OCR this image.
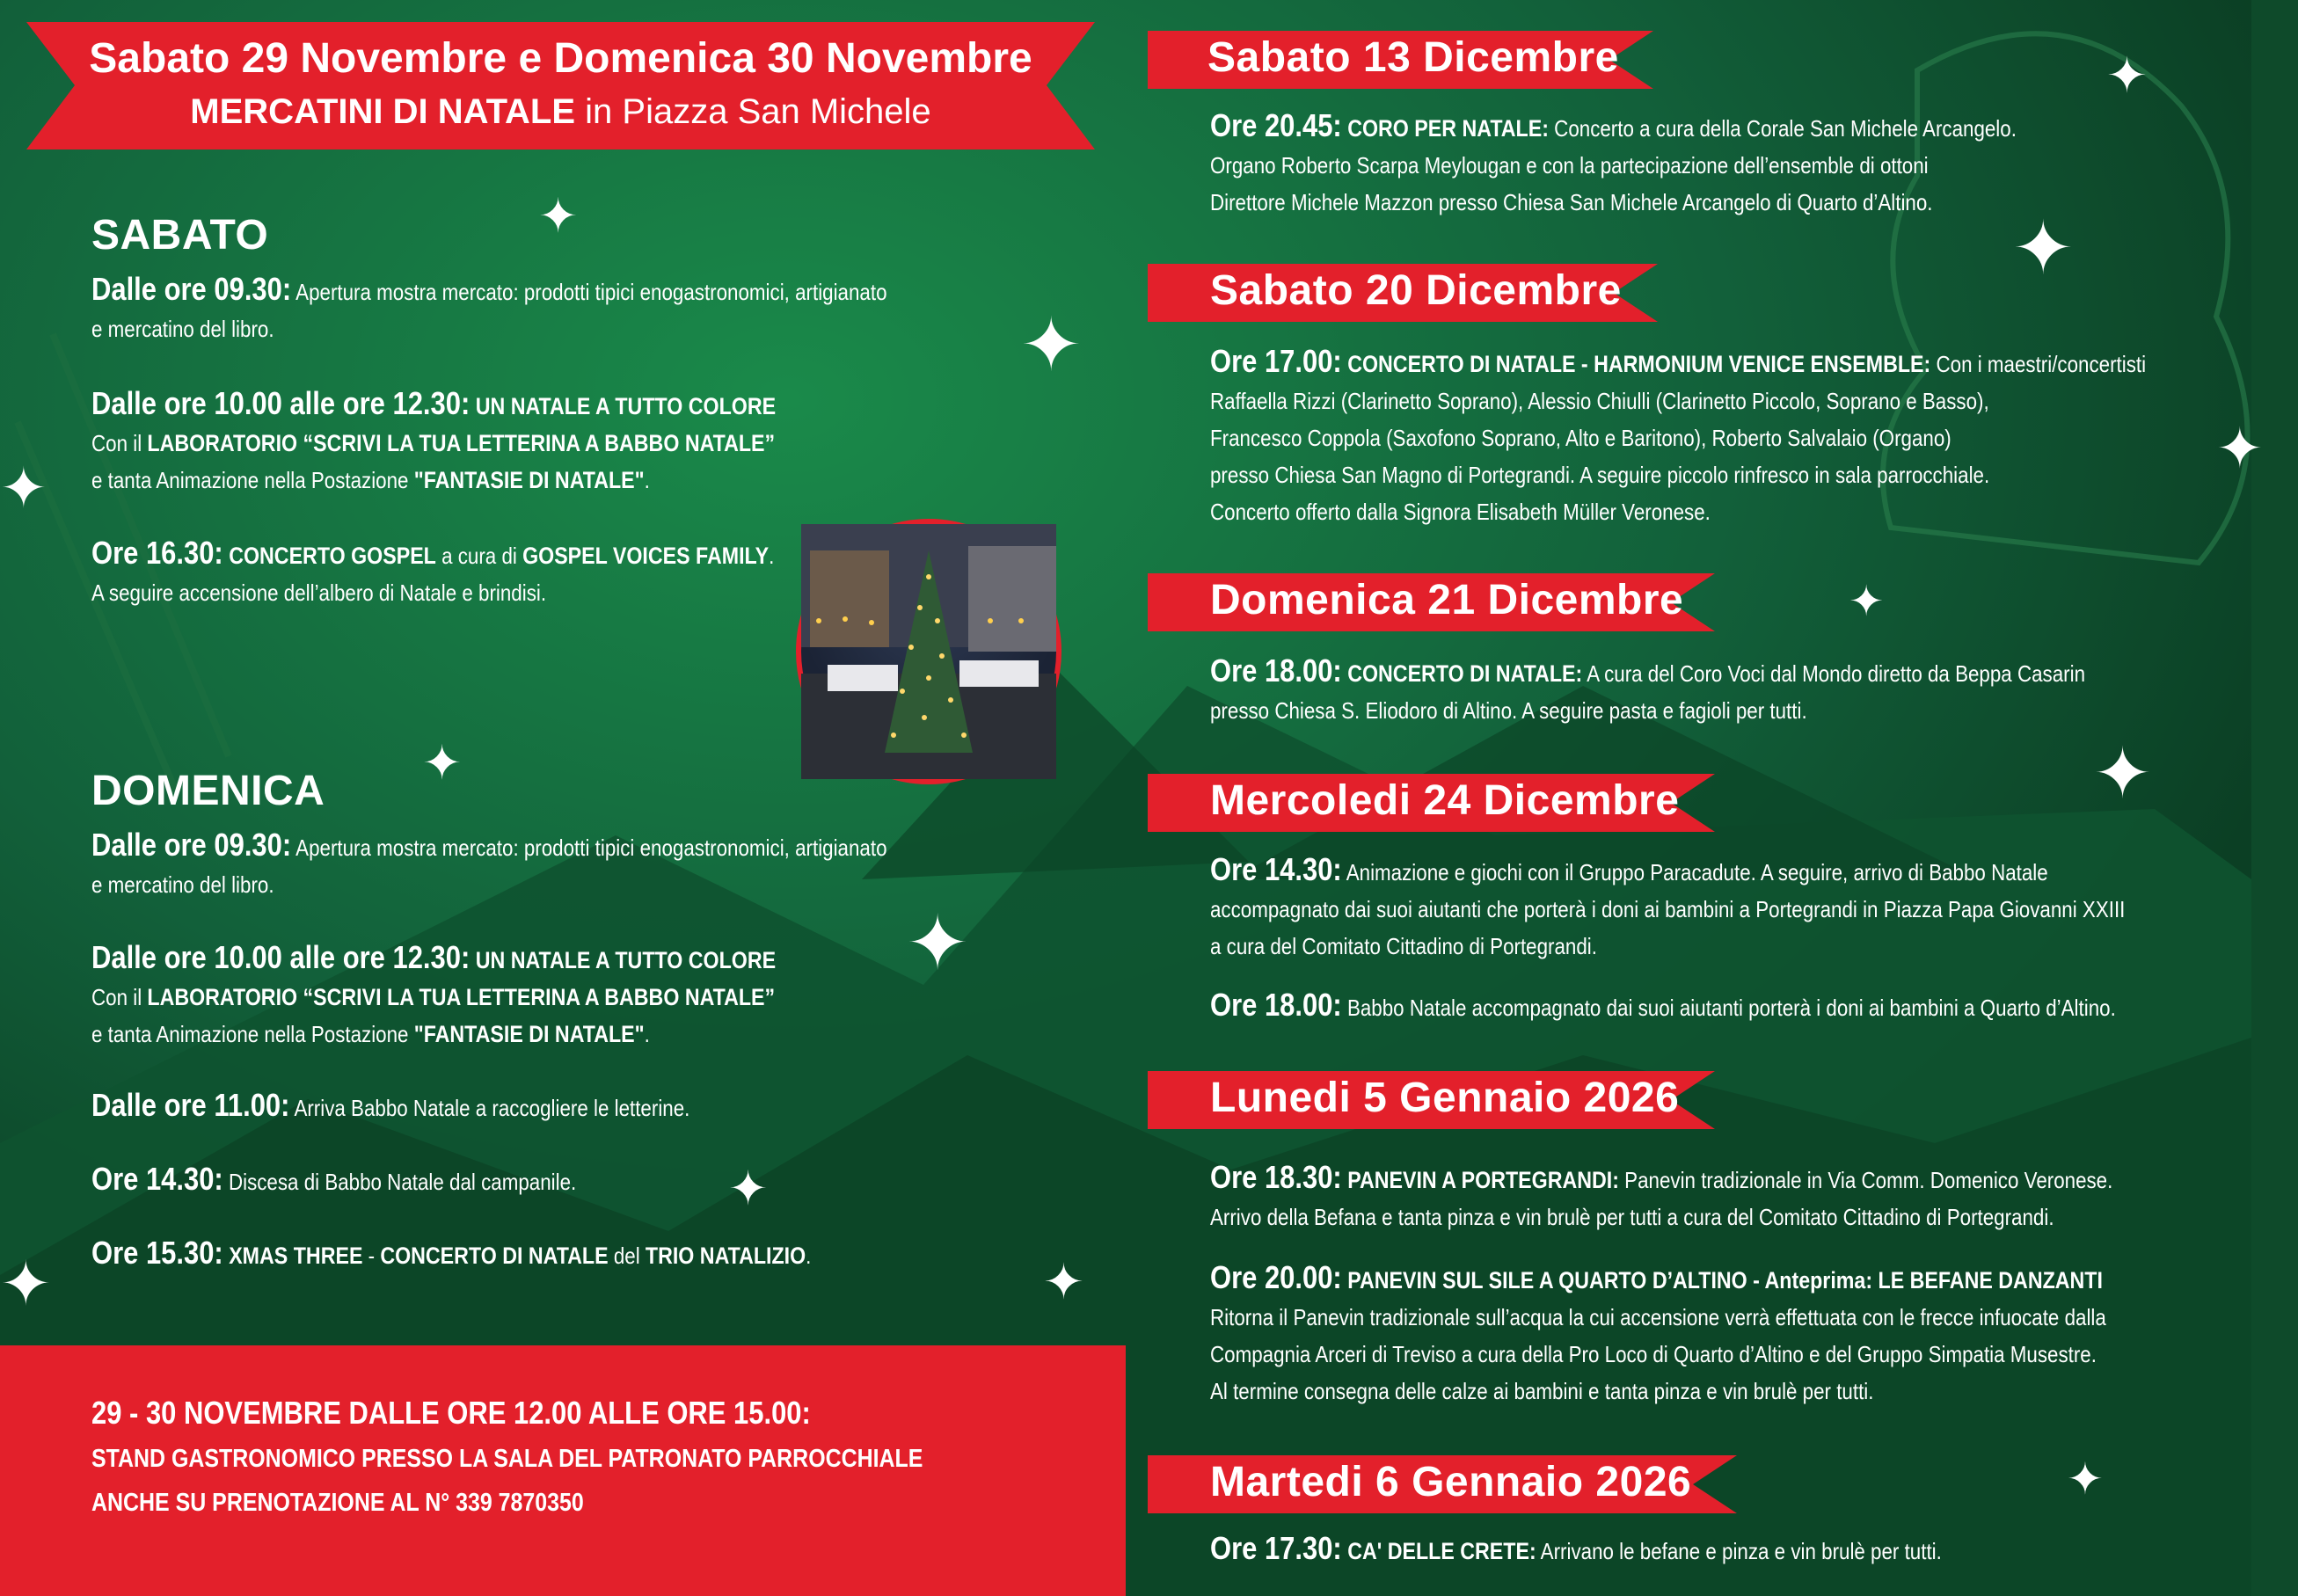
Sabato 29 Novembre e Domenica 30 Novembre
MERCATINI DI NATALE in Piazza San Michele
SABATO
Dalle ore 09.30: Apertura mostra mercato: prodotti tipici enogastronomici, artigianato
e mercatino del libro.
Dalle ore 10.00 alle ore 12.30: UN NATALE A TUTTO COLORE
Con il LABORATORIO “SCRIVI LA TUA LETTERINA A BABBO NATALE”
e tanta Animazione nella Postazione "FANTASIE DI NATALE".
Ore 16.30: CONCERTO GOSPEL a cura di GOSPEL VOICES FAMILY.
A seguire accensione dell’albero di Natale e brindisi.
DOMENICA
Dalle ore 09.30: Apertura mostra mercato: prodotti tipici enogastronomici, artigianato
e mercatino del libro.
Dalle ore 10.00 alle ore 12.30: UN NATALE A TUTTO COLORE
Con il LABORATORIO “SCRIVI LA TUA LETTERINA A BABBO NATALE”
e tanta Animazione nella Postazione "FANTASIE DI NATALE".
Dalle ore 11.00: Arriva Babbo Natale a raccogliere le letterine.
Ore 14.30: Discesa di Babbo Natale dal campanile.
Ore 15.30: XMAS THREE - CONCERTO DI NATALE del TRIO NATALIZIO.
29 - 30 NOVEMBRE DALLE ORE 12.00 ALLE ORE 15.00:
STAND GASTRONOMICO PRESSO LA SALA DEL PATRONATO PARROCCHIALE
ANCHE SU PRENOTAZIONE AL N° 339 7870350
Sabato 13 Dicembre
Ore 20.45: CORO PER NATALE: Concerto a cura della Corale San Michele Arcangelo.
Organo Roberto Scarpa Meylougan e con la partecipazione dell’ensemble di ottoni
Direttore Michele Mazzon presso Chiesa San Michele Arcangelo di Quarto d’Altino.
Sabato 20 Dicembre
Ore 17.00: CONCERTO DI NATALE - HARMONIUM VENICE ENSEMBLE: Con i maestri/concertisti
Raffaella Rizzi (Clarinetto Soprano), Alessio Chiulli (Clarinetto Piccolo, Soprano e Basso),
Francesco Coppola (Saxofono Soprano, Alto e Baritono), Roberto Salvalaio (Organo)
presso Chiesa San Magno di Portegrandi. A seguire piccolo rinfresco in sala parrocchiale.
Concerto offerto dalla Signora Elisabeth Müller Veronese.
Domenica 21 Dicembre
Ore 18.00: CONCERTO DI NATALE: A cura del Coro Voci dal Mondo diretto da Beppa Casarin
presso Chiesa S. Eliodoro di Altino. A seguire pasta e fagioli per tutti.
Mercoledi 24 Dicembre
Ore 14.30: Animazione e giochi con il Gruppo Paracadute. A seguire, arrivo di Babbo Natale
accompagnato dai suoi aiutanti che porterà i doni ai bambini a Portegrandi in Piazza Papa Giovanni XXIII
a cura del Comitato Cittadino di Portegrandi.
Ore 18.00: Babbo Natale accompagnato dai suoi aiutanti porterà i doni ai bambini a Quarto d’Altino.
Lunedi 5 Gennaio 2026
Ore 18.30: PANEVIN A PORTEGRANDI: Panevin tradizionale in Via Comm. Domenico Veronese.
Arrivo della Befana e tanta pinza e vin brulè per tutti a cura del Comitato Cittadino di Portegrandi.
Ore 20.00: PANEVIN SUL SILE A QUARTO D’ALTINO - Anteprima: LE BEFANE DANZANTI
Ritorna il Panevin tradizionale sull’acqua la cui accensione verrà effettuata con le frecce infuocate dalla
Compagnia Arceri di Treviso a cura della Pro Loco di Quarto d’Altino e del Gruppo Simpatia Musestre.
Al termine consegna delle calze ai bambini e tanta pinza e vin brulè per tutti.
Martedi 6 Gennaio 2026
Ore 17.30: CA' DELLE CRETE: Arrivano le befane e pinza e vin brulè per tutti.
✦
✦
✦
✦
✦
✦
✦
✦
✦
✦
✦
✦
✦
✦
